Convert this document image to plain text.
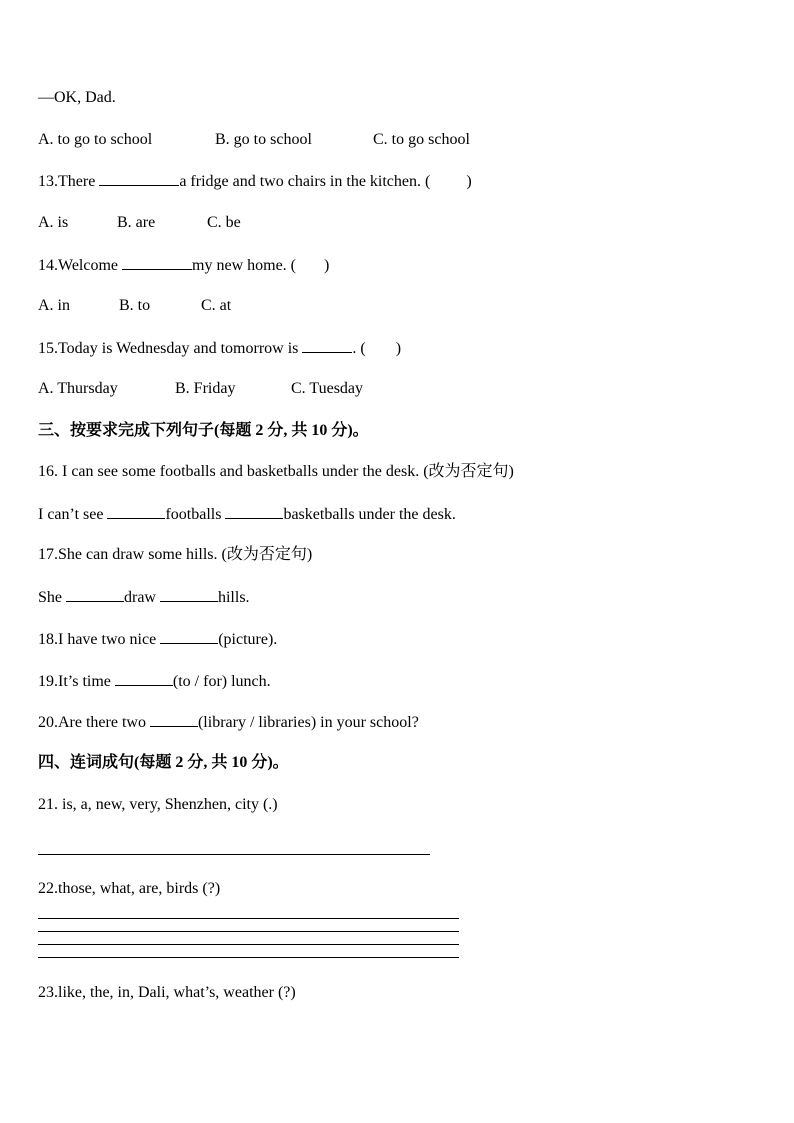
—OK, Dad.
A. to go to school	B. go to school	C. to go school
13.There	a fridge and two chairs in the kitchen. ( )
A. is	B. are	C. be
14.Welcome	my new home. ( )
A. in	B. to	C. at
15.Today is Wednesday and tomorrow is	. ( )
A. Thursday	B. Friday	C. Tuesday
三、按要求完成下列句子(每题 2 分, 共 10 分)。
16. I can see some footballs and basketballs under the desk. (改为否定句)
I can’t see	footballs	basketballs under the desk.
17.She can draw some hills. (改为否定句)
She	draw	hills.
18.I have two nice	(picture).
19.It’s time	(to / for) lunch.
20.Are there two	(library / libraries) in your school?
四、连词成句(每题 2 分, 共 10 分)。
21. is, a, new, very, Shenzhen, city (.)
22.those, what, are, birds (?)
23.like, the, in, Dali, what’s, weather (?)
